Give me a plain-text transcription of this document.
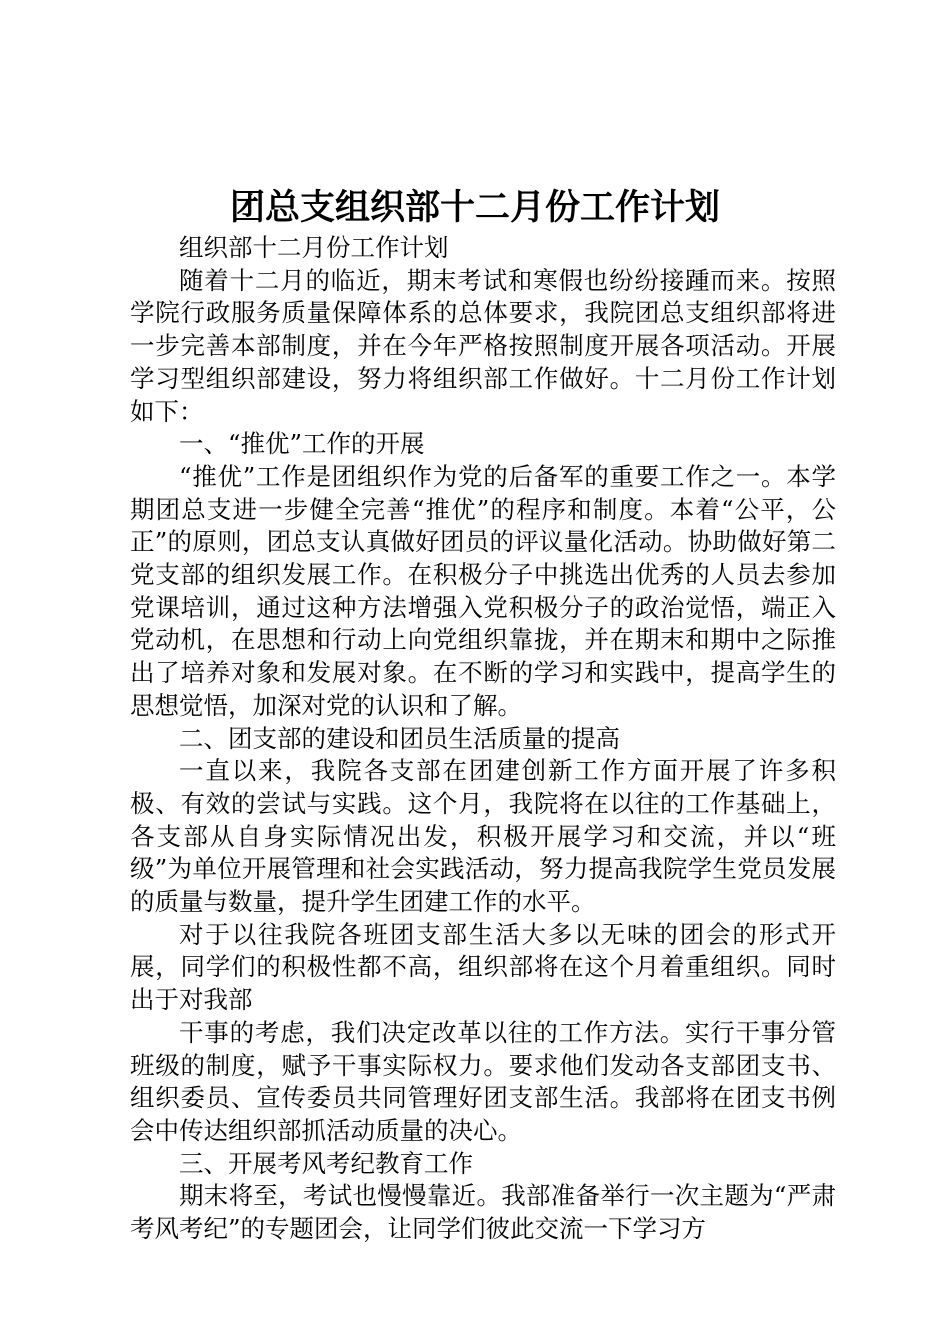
团总支组织部十二月份工作计划

组织部十二月份工作计划

随着十二月的临近，期末考试和寒假也纷纷接踵而来。按照学院行政服务质量保障体系的总体要求，我院团总支组织部将进一步完善本部制度，并在今年严格按照制度开展各项活动。开展学习型组织部建设，努力将组织部工作做好。十二月份工作计划如下：

一、“推优”工作的开展

“推优”工作是团组织作为党的后备军的重要工作之一。本学期团总支进一步健全完善“推优”的程序和制度。本着“公平，公正”的原则，团总支认真做好团员的评议量化活动。协助做好第二党支部的组织发展工作。在积极分子中挑选出优秀的人员去参加党课培训，通过这种方法增强入党积极分子的政治觉悟，端正入党动机，在思想和行动上向党组织靠拢，并在期末和期中之际推出了培养对象和发展对象。在不断的学习和实践中，提高学生的思想觉悟，加深对党的认识和了解。

二、团支部的建设和团员生活质量的提高

一直以来，我院各支部在团建创新工作方面开展了许多积极、有效的尝试与实践。这个月，我院将在以往的工作基础上，各支部从自身实际情况出发，积极开展学习和交流，并以“班级”为单位开展管理和社会实践活动，努力提高我院学生党员发展的质量与数量，提升学生团建工作的水平。

对于以往我院各班团支部生活大多以无味的团会的形式开展，同学们的积极性都不高，组织部将在这个月着重组织。同时出于对我部

干事的考虑，我们决定改革以往的工作方法。实行干事分管班级的制度，赋予干事实际权力。要求他们发动各支部团支书、组织委员、宣传委员共同管理好团支部生活。我部将在团支书例会中传达组织部抓活动质量的决心。

三、开展考风考纪教育工作

期末将至，考试也慢慢靠近。我部准备举行一次主题为“严肃考风考纪”的专题团会，让同学们彼此交流一下学习方
